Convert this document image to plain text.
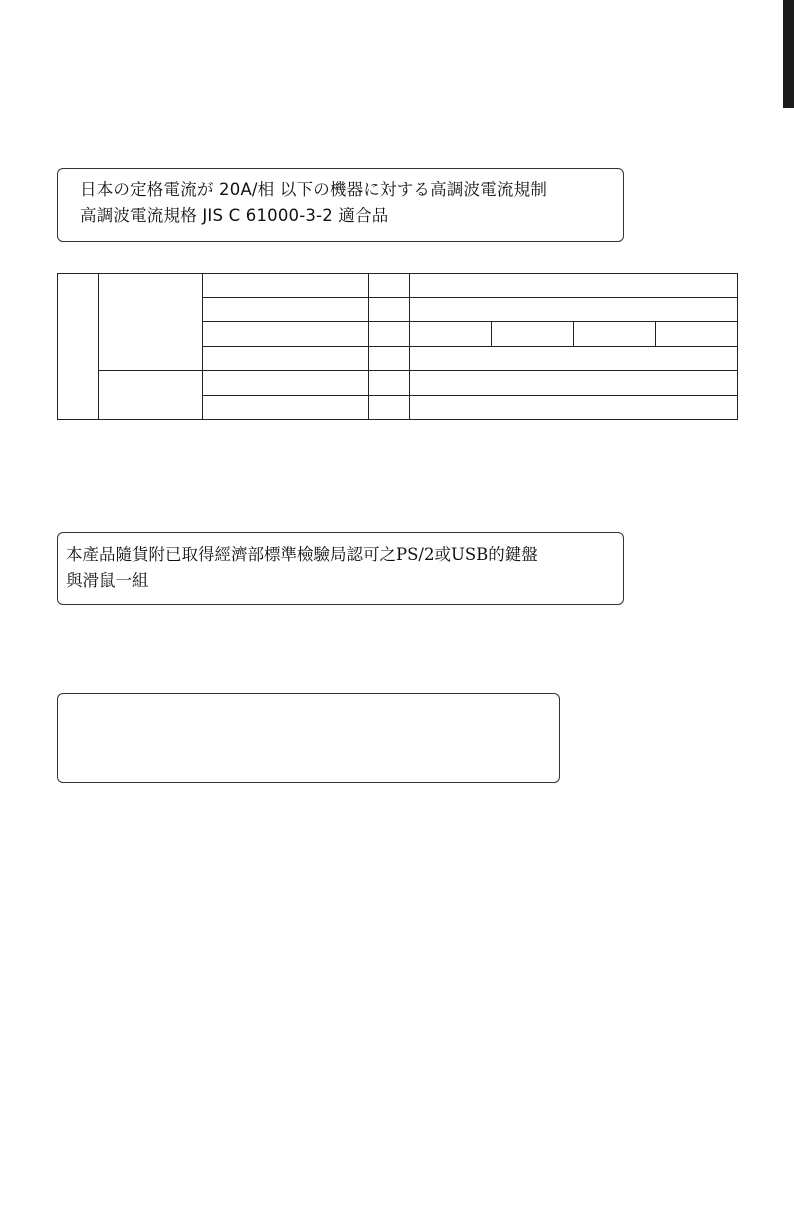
日本の定格電流が 20A/相 以下の機器に対する高調波電流規制
高調波電流規格 JIS C 61000-3-2 適合品
本產品隨貨附已取得經濟部標準檢驗局認可之PS/2或USB的鍵盤
與滑鼠一組
